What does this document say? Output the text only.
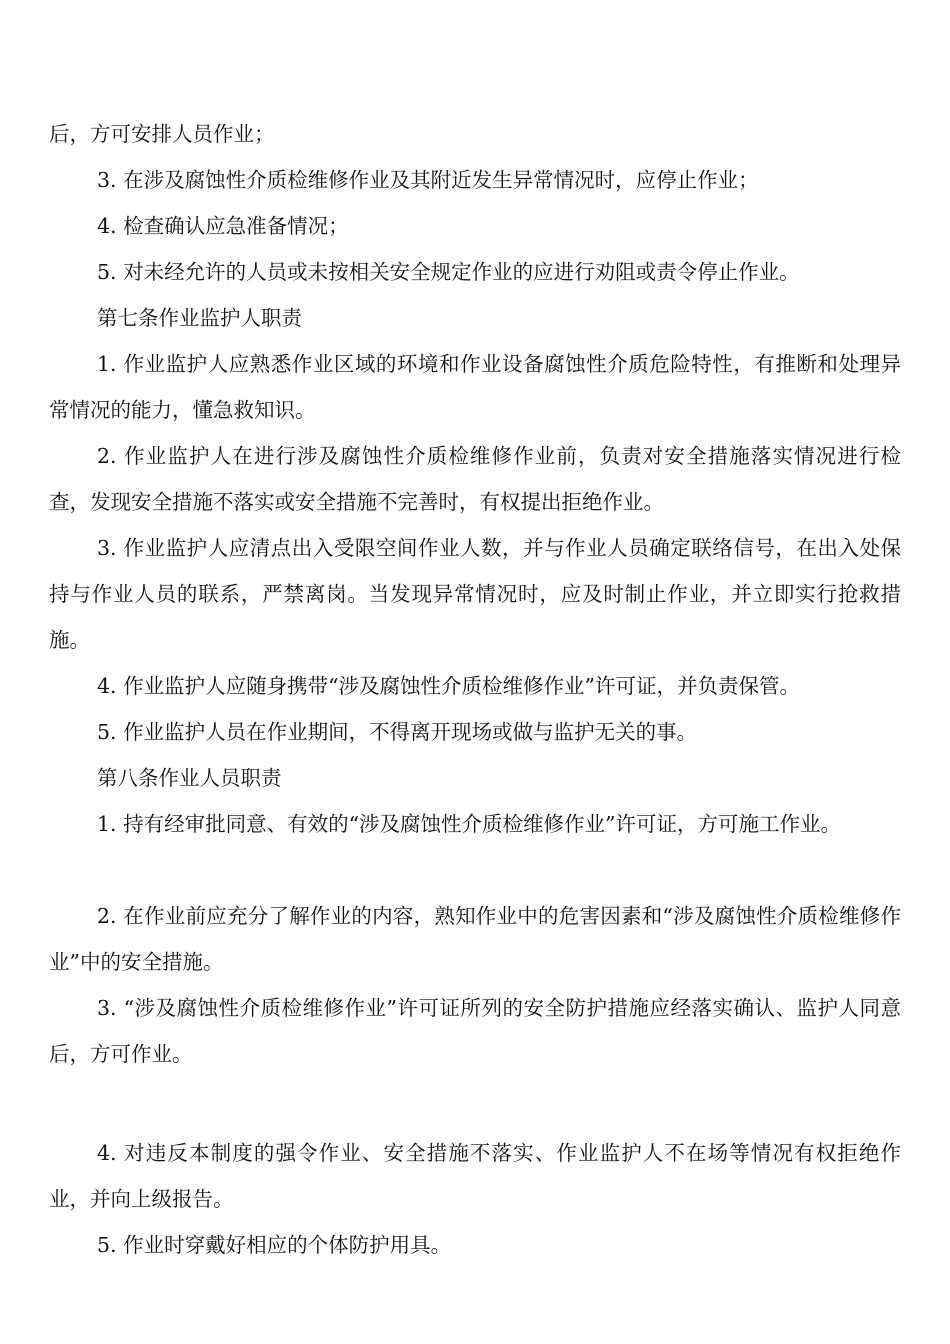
后，方可安排人员作业；

3. 在涉及腐蚀性介质检维修作业及其附近发生异常情况时，应停止作业；

4. 检查确认应急准备情况；

5. 对未经允许的人员或未按相关安全规定作业的应进行劝阻或责令停止作业。

第七条作业监护人职责

1. 作业监护人应熟悉作业区域的环境和作业设备腐蚀性介质危险特性，有推断和处理异常情况的能力，懂急救知识。

2. 作业监护人在进行涉及腐蚀性介质检维修作业前，负责对安全措施落实情况进行检查，发现安全措施不落实或安全措施不完善时，有权提出拒绝作业。

3. 作业监护人应清点出入受限空间作业人数，并与作业人员确定联络信号，在出入处保持与作业人员的联系，严禁离岗。当发现异常情况时，应及时制止作业，并立即实行抢救措施。

4. 作业监护人应随身携带“涉及腐蚀性介质检维修作业”许可证，并负责保管。

5. 作业监护人员在作业期间，不得离开现场或做与监护无关的事。

第八条作业人员职责

1. 持有经审批同意、有效的“涉及腐蚀性介质检维修作业”许可证，方可施工作业。

2. 在作业前应充分了解作业的内容，熟知作业中的危害因素和“涉及腐蚀性介质检维修作业”中的安全措施。

3. “涉及腐蚀性介质检维修作业”许可证所列的安全防护措施应经落实确认、监护人同意后，方可作业。

4. 对违反本制度的强令作业、安全措施不落实、作业监护人不在场等情况有权拒绝作业，并向上级报告。

5. 作业时穿戴好相应的个体防护用具。
